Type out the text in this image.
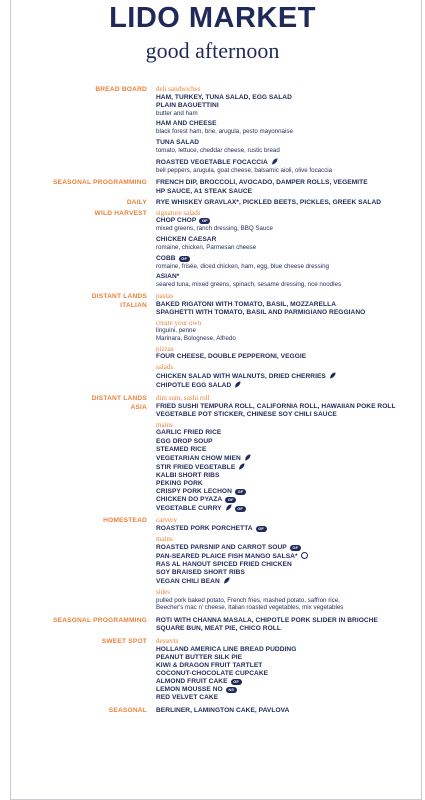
LIDO MARKET
good afternoon
BREAD BOARD deli sandwiches
HAM, TURKEY, TUNA SALAD, EGG SALAD
PLAIN BAGUETTINI
butter and ham
HAM AND CHEESE
black forest ham, brie, arugula, pesto mayonnaise
TUNA SALAD
tomato, lettuce, cheddar cheese, rustic bread
ROASTED VEGETABLE FOCACCIA
bell peppers, arugula, goat cheese, balsamic aioli, olive focaccia
SEASONAL PROGRAMMING FRENCH DIP, BROCCOLI, AVOCADO, DAMPER ROLLS, VEGEMITE
HP SAUCE, A1 STEAK SAUCE
DAILY RYE WHISKEY GRAVLAX*, PICKLED BEETS, PICKLES, GREEK SALAD
WILD HARVEST signature salads
CHOP CHOP GF
mixed greens, ranch dressing, BBQ Sauce
CHICKEN CAESAR
romaine, chicken, Parmesan cheese
COBB GF
romaine, frisée, diced chicken, ham, egg, blue cheese dressing
ASIAN*
seared tuna, mixed greens, spinach, sesame dressing, rice noodles
DISTANT LANDS
ITALIAN
pastas
BAKED RIGATONI WITH TOMATO, BASIL, MOZZARELLA
SPAGHETTI WITH TOMATO, BASIL AND PARMIGIANO REGGIANO
create your own
linguini, penne
Marinara, Bolognese, Alfredo
pizzas
FOUR CHEESE, DOUBLE PEPPERONI, VEGGIE
salads
CHICKEN SALAD WITH WALNUTS, DRIED CHERRIES
CHIPOTLE EGG SALAD
DISTANT LANDS
ASIA
dim sum, sushi roll
FRIED SUSHI TEMPURA ROLL, CALIFORNIA ROLL, HAWAIIAN POKE ROLL
VEGETABLE POT STICKER, CHINESE SOY CHILI SAUCE
mains
GARLIC FRIED RICE
EGG DROP SOUP
STEAMED RICE
VEGETARIAN CHOW MIEN
STIR FRIED VEGETABLE
KALBI SHORT RIBS
PEKING PORK
CRISPY PORK LECHON GF
CHICKEN DO PYAZA GF
VEGETABLE CURRY	GF
HOMESTEAD carvery
ROASTED PORK PORCHETTA GF
mains
ROASTED PARSNIP AND CARROT SOUP GF
PAN-SEARED PLAICE FISH MANGO SALSA*
RAS AL HANOUT SPICED FRIED CHICKEN
SOY BRAISED SHORT RIBS
VEGAN CHILI BEAN
sides
pulled pork baked potato, French fries, mashed potato, saffron rice,
Beecher's mac n' cheese, Italian roasted vegetables, mix vegetables
SEASONAL PROGRAMMING ROTI WITH CHANNA MASALA, CHIPOTLE PORK SLIDER IN BRIOCHE
SQUARE BUN, MEAT PIE, CHICO ROLL
SWEET SPOT desserts
HOLLAND AMERICA LINE BREAD PUDDING
PEANUT BUTTER SILK PIE
KIWI & DRAGON FRUIT TARTLET
COCONUT-CHOCOLATE CUPCAKE
ALMOND FRUIT CAKE GF
LEMON MOUSSE NO NS
RED VELVET CAKE
SEASONAL BERLINER, LAMINGTON CAKE, PAVLOVA
